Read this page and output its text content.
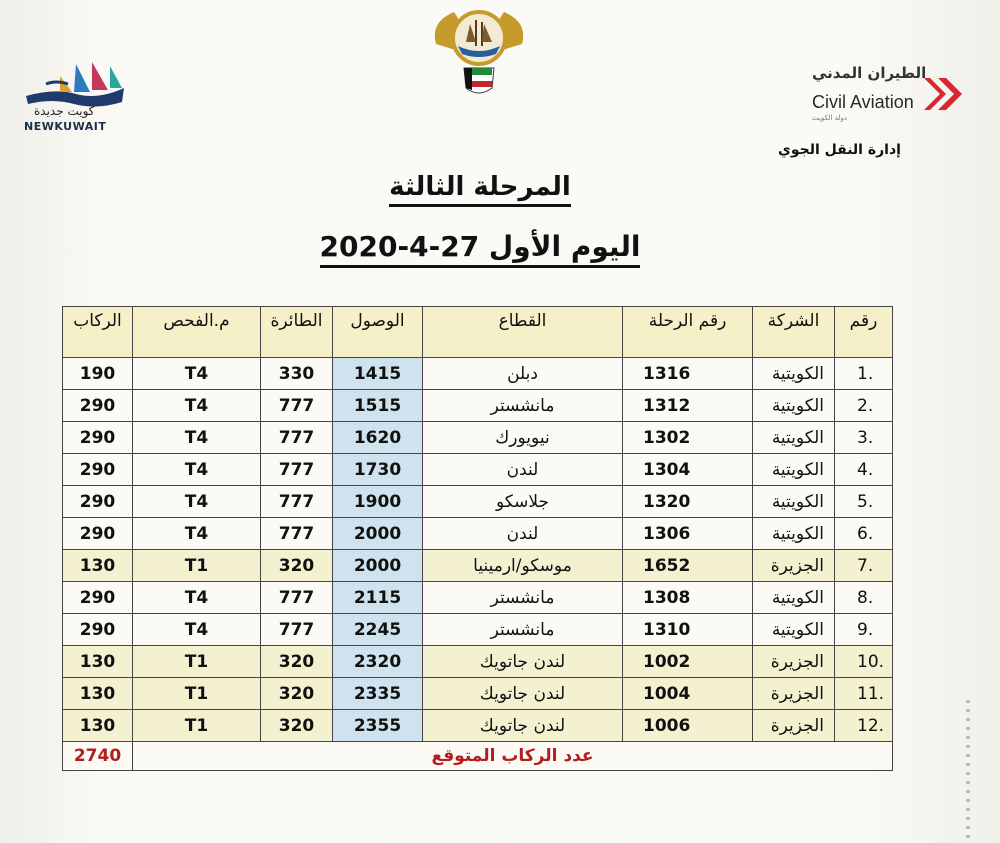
كويت جديدة
NEWKUWAIT
الطيران المدني
Civil Aviation
دولة الكويت
إدارة النقل الجوي
المرحلة الثالثة
اليوم الأول 27-4-2020
الركاب	م.الفحص	الطائرة	الوصول	القطاع	رقم الرحلة	الشركة	رقم
190	T4	330	1415	دبلن	1316	الكويتية	1.
290	T4	777	1515	مانشستر	1312	الكويتية	2.
290	T4	777	1620	نيويورك	1302	الكويتية	3.
290	T4	777	1730	لندن	1304	الكويتية	4.
290	T4	777	1900	جلاسكو	1320	الكويتية	5.
290	T4	777	2000	لندن	1306	الكويتية	6.
130	T1	320	2000	موسكو/ارمينيا	1652	الجزيرة	7.
290	T4	777	2115	مانشستر	1308	الكويتية	8.
290	T4	777	2245	مانشستر	1310	الكويتية	9.
130	T1	320	2320	لندن جاتويك	1002	الجزيرة	10.
130	T1	320	2335	لندن جاتويك	1004	الجزيرة	11.
130	T1	320	2355	لندن جاتويك	1006	الجزيرة	12.
2740	عدد الركاب المتوقع						
